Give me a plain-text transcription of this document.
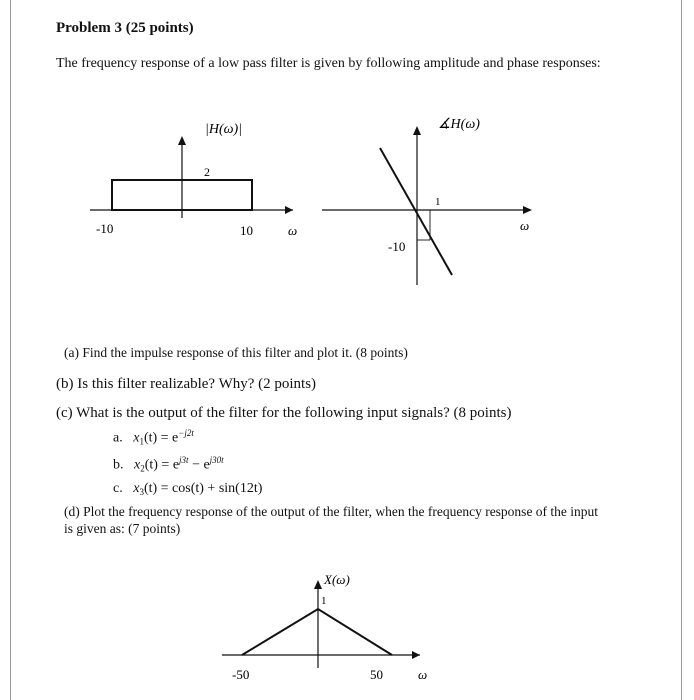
Problem 3 (25 points)
The frequency response of a low pass filter is given by following amplitude and phase responses:
|H(ω)|
2
-10	10	ω
∡H(ω)
1
-10
ω
X(ω)
1
-50	50	ω
(a) Find the impulse response of this filter and plot it. (8 points)
(b) Is this filter realizable? Why? (2 points)
(c) What is the output of the filter for the following input signals? (8 points)
a. $x_1(t) = e^{-j2t}$
b. $x_2(t) = e^{j3t} - e^{j30t}$
c. $x_3(t) = \cos(t) + \sin(12t)$
(d) Plot the frequency response of the output of the filter, when the frequency response of the input is given as: (7 points)
